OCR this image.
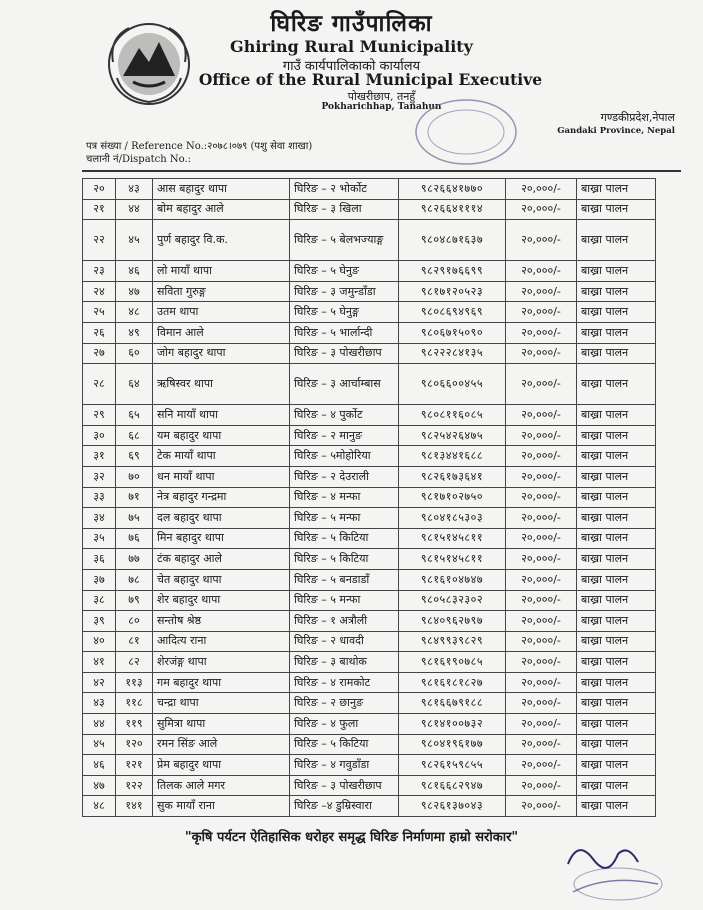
घिरिङ गाउँपालिका
Ghiring Rural Municipality
गाउँ कार्यपालिकाको कार्यालय
Office of the Rural Municipal Executive
पोखरीछाप, तनहुँ
Pokharichhap, Tanahun
गण्डकीप्रदेश,नेपाल
Gandaki Province, Nepal
पत्र संख्या / Reference No.:२०७८।०७९ (पशु सेवा शाखा)
चलानी नं/Dispatch No.:
२०	४३	आस बहादुर थापा	घिरिङ – २ भोर्कोट	९८२६६४१७७०	२०,०००/-	बाख्रा पालन
२१	४४	बोम बहादुर आले	घिरिङ – ३ खिला	९८२६६४१११४	२०,०००/-	बाख्रा पालन
२२	४५	पुर्ण बहादुर वि.क.	घिरिङ – ५ बेलभज्याङ्ग	९८०४८७१६३७	२०,०००/-	बाख्रा पालन
२३	४६	लो मायाँ थापा	घिरिङ – ५ घेनुङ	९८२९१७६६९९	२०,०००/-	बाख्रा पालन
२४	४७	सविता गुरुङ्ग	घिरिङ – ३ जमुन्डाँडा	९८१७१२०५२३	२०,०००/-	बाख्रा पालन
२५	४८	उतम थापा	घिरिङ – ५ घेनुङ्ग	९८०८६९४९६९	२०,०००/-	बाख्रा पालन
२६	४९	विमान आले	घिरिङ – ५ भार्लान्दी	९८०६७१५०९०	२०,०००/-	बाख्रा पालन
२७	६०	जोग बहादुर थापा	घिरिङ – ३ पोखरीछाप	९८२२२८४१३५	२०,०००/-	बाख्रा पालन
२८	६४	ऋषिस्वर थापा	घिरिङ – ३ आर्चाम्बास	९८०६६००४५५	२०,०००/-	बाख्रा पालन
२९	६५	सनि मायाँ थापा	घिरिङ – ४ पुर्कोट	९८०८११६०८५	२०,०००/-	बाख्रा पालन
३०	६८	यम बहादुर थापा	घिरिङ – २ मानुङ	९८२५४२६४७५	२०,०००/-	बाख्रा पालन
३१	६९	टेक मायाँ थापा	घिरिङ – ५मोहोरिया	९८१३४४१६८८	२०,०००/-	बाख्रा पालन
३२	७०	धन मायाँ थापा	घिरिङ – २ देउराली	९८२६१७३६४१	२०,०००/-	बाख्रा पालन
३३	७१	नेत्र बहादुर गन्द्रमा	घिरिङ – ४ मन्फा	९८१७१०२७५०	२०,०००/-	बाख्रा पालन
३४	७५	दल बहादुर थापा	घिरिङ – ५ मन्फा	९८०४१८५३०३	२०,०००/-	बाख्रा पालन
३५	७६	मिन बहादुर थापा	घिरिङ – ५ किटिया	९८१५१४५८११	२०,०००/-	बाख्रा पालन
३६	७७	टंक बहादुर आले	घिरिङ – ५ किटिया	९८१५१४५८११	२०,०००/-	बाख्रा पालन
३७	७८	चेत बहादुर थापा	घिरिङ – ५ बनडाडाँ	९८१६१०४७४७	२०,०००/-	बाख्रा पालन
३८	७९	शेर बहादुर थापा	घिरिङ – ५ मन्फा	९८०५८३२३०२	२०,०००/-	बाख्रा पालन
३९	८०	सन्तोष श्रेष्ठ	घिरिङ – १ अत्रौली	९८४०९६२७९७	२०,०००/-	बाख्रा पालन
४०	८१	आदित्य राना	घिरिङ – २ धावदी	९८४९९३९८२९	२०,०००/-	बाख्रा पालन
४१	८२	शेरजंङ्ग थापा	घिरिङ – ३ बाथोक	९८१६१९०७८५	२०,०००/-	बाख्रा पालन
४२	११३	गम बहादुर थापा	घिरिङ – ४ रामकोट	९८१६१८१८२७	२०,०००/-	बाख्रा पालन
४३	११८	चन्द्रा थापा	घिरिङ – २ छानुङ	९८१६६७९१८८	२०,०००/-	बाख्रा पालन
४४	११९	सुमित्रा थापा	घिरिङ – ४ फुला	९८१४१००७३२	२०,०००/-	बाख्रा पालन
४५	१२०	रमन सिंङ आले	घिरिङ – ५ किटिया	९८०४१९६१७७	२०,०००/-	बाख्रा पालन
४६	१२१	प्रेम बहादुर थापा	घिरिङ – ४ गवुडाँडा	९८२६१५९८५५	२०,०००/-	बाख्रा पालन
४७	१२२	तिलक आले मगर	घिरिङ – ३ पोखरीछाप	९८१६६८२९४७	२०,०००/-	बाख्रा पालन
४८	१४१	सुक मायाँ राना	घिरिङ –४ डुम्रिस्वारा	९८२६१३७०४३	२०,०००/-	बाख्रा पालन
"कृषि पर्यटन ऐतिहासिक धरोहर समृद्ध घिरिङ निर्माणमा हाम्रो सरोकार"
